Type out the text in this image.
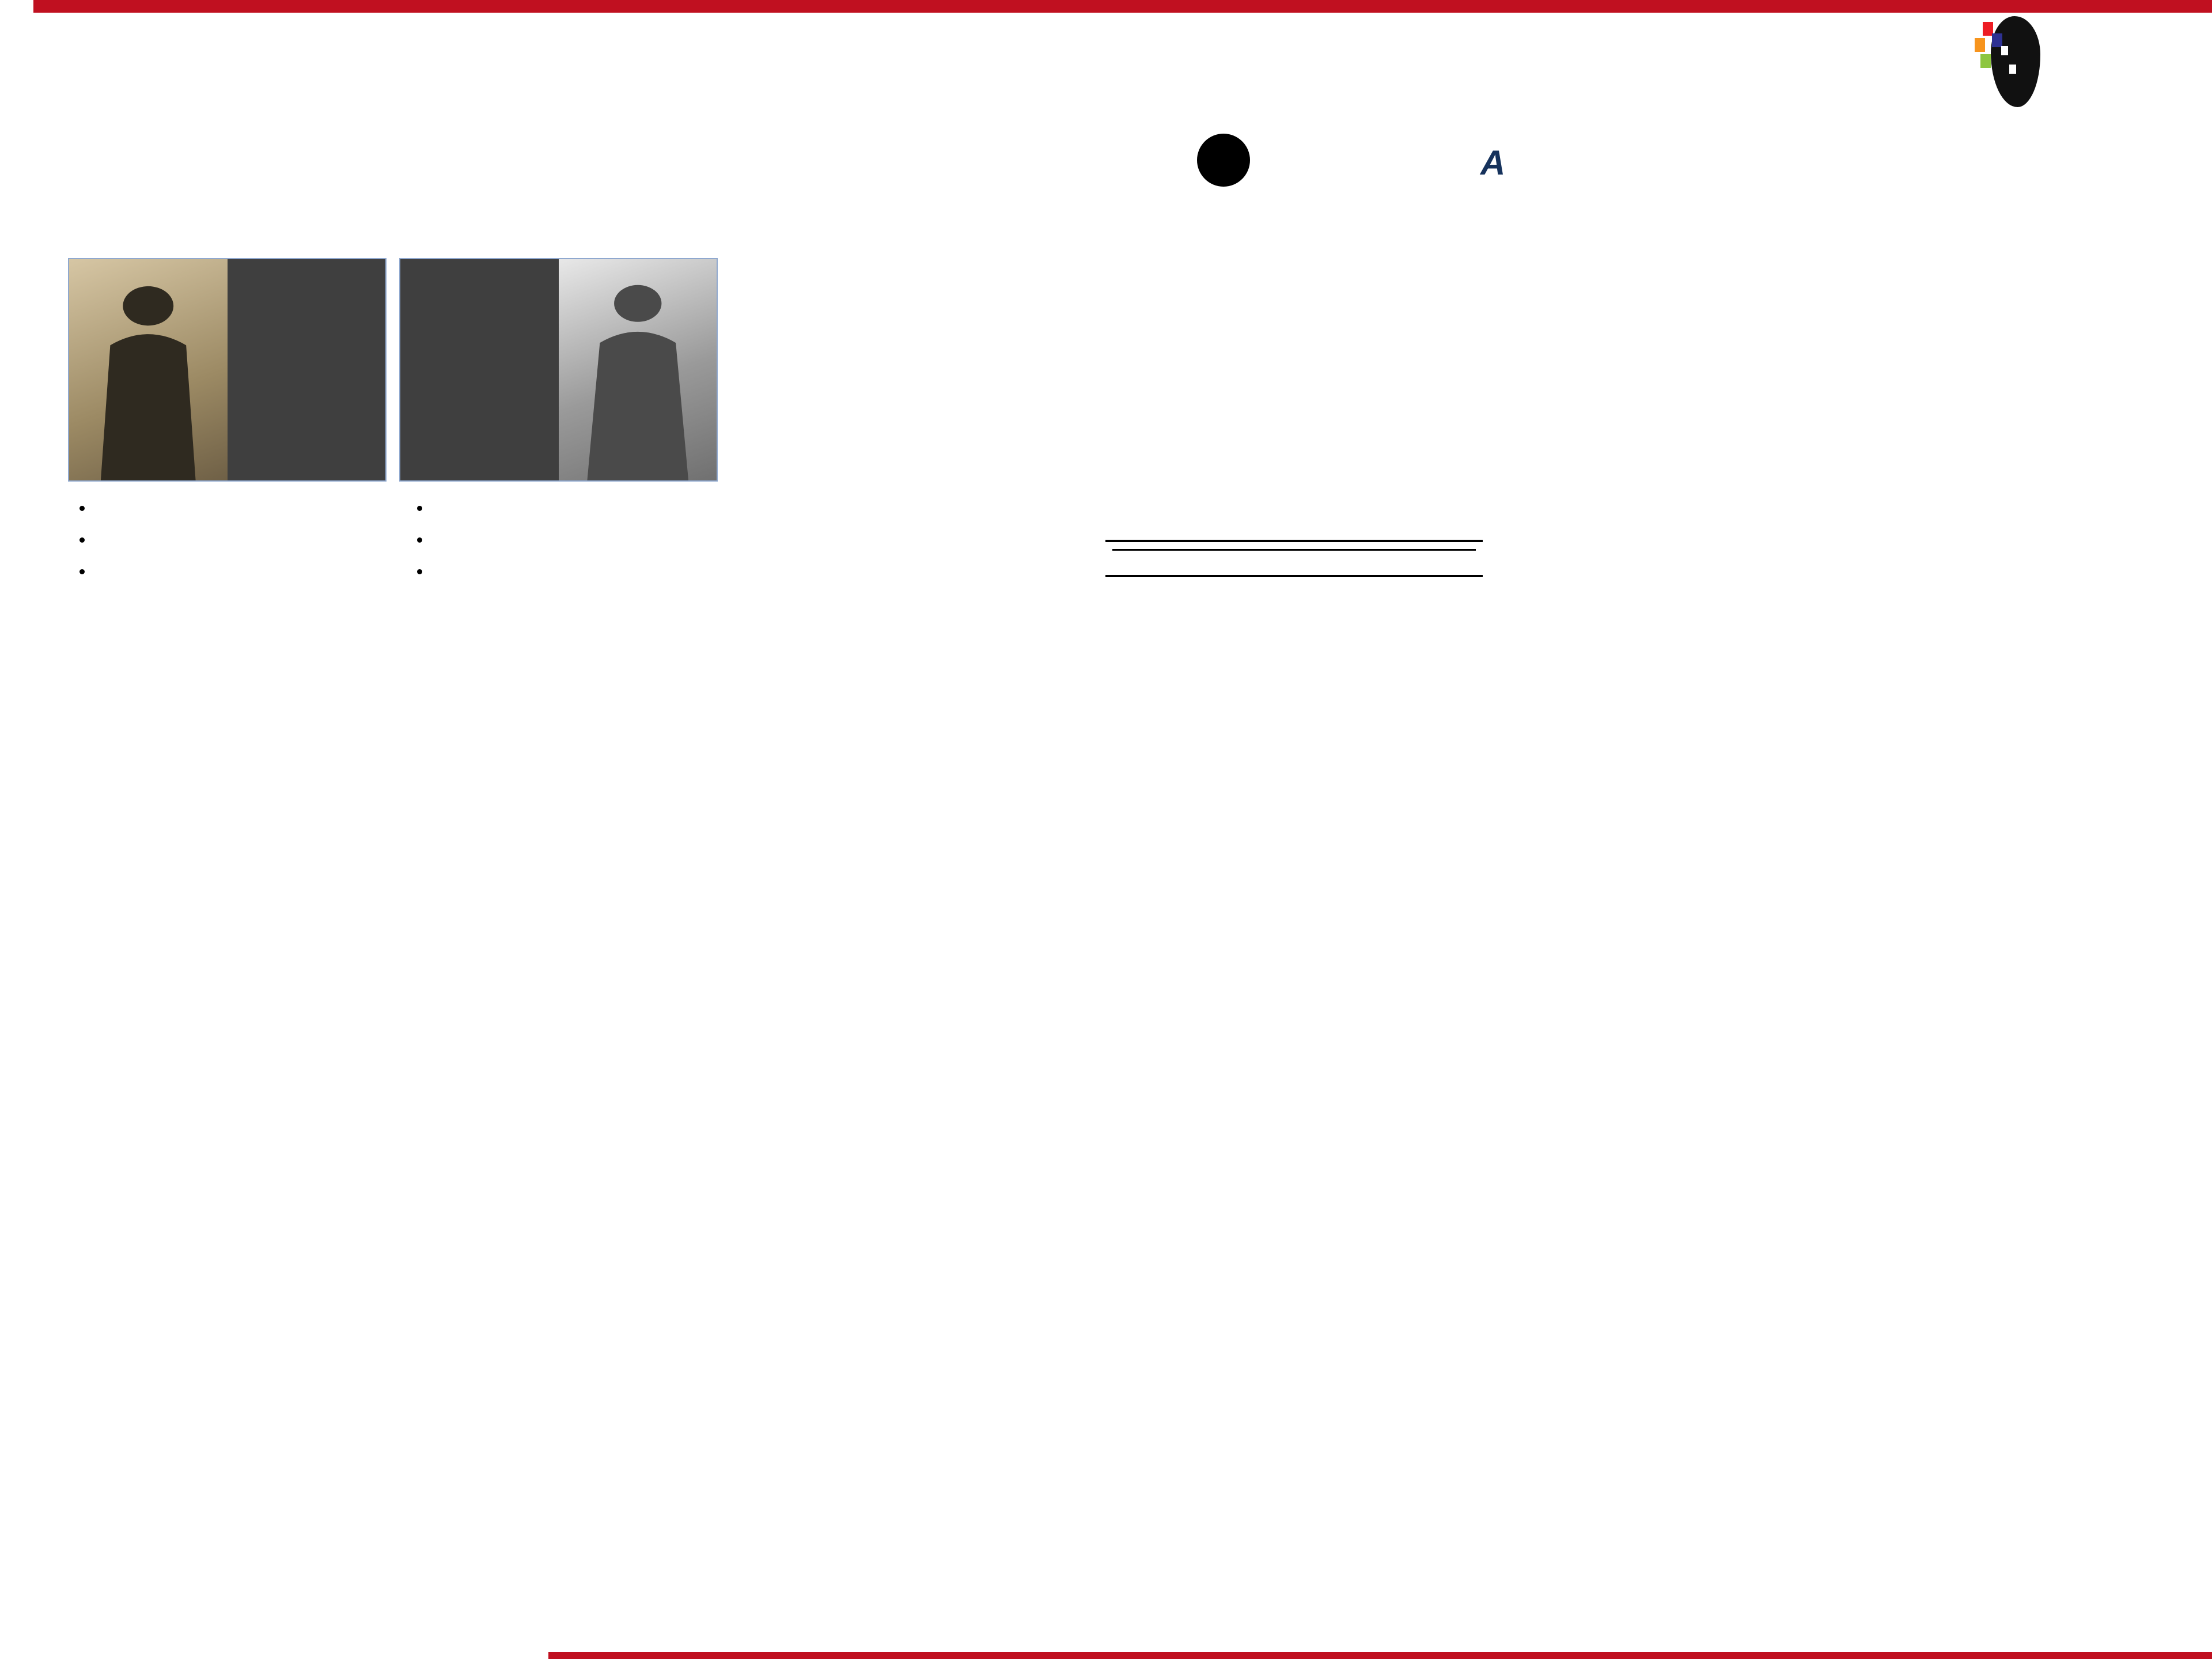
A

•
•
•

•
•
•
